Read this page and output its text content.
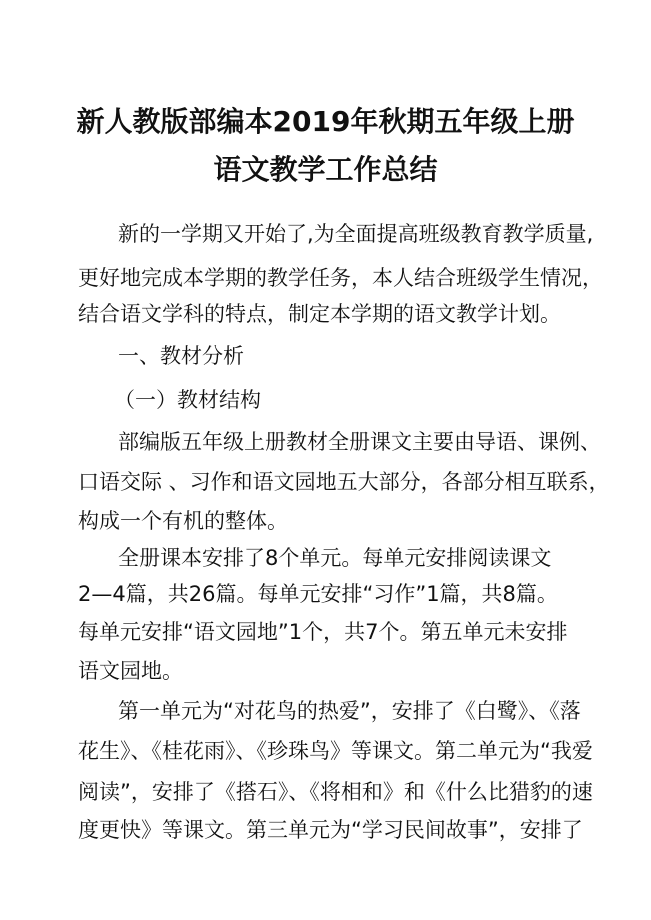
新人教版部编本2019年秋期五年级上册
语文教学工作总结
新的一学期又开始了,为全面提高班级教育教学质量,
更好地完成本学期的教学任务，本人结合班级学生情况，
结合语文学科的特点，制定本学期的语文教学计划。
一、教材分析
（一）教材结构
部编版五年级上册教材全册课文主要由导语、课例、
口语交际 、习作和语文园地五大部分，各部分相互联系，
构成一个有机的整体。
全册课本安排了8个单元。每单元安排阅读课文
2—4篇，共26篇。每单元安排“习作”1篇，共8篇。
每单元安排“语文园地”1个，共7个。第五单元未安排
语文园地。
第一单元为“对花鸟的热爱”，安排了《白鹭》、《落
花生》、《桂花雨》、《珍珠鸟》等课文。第二单元为“我爱
阅读”，安排了《搭石》、《将相和》和《什么比猎豹的速
度更快》等课文。第三单元为“学习民间故事”，安排了
